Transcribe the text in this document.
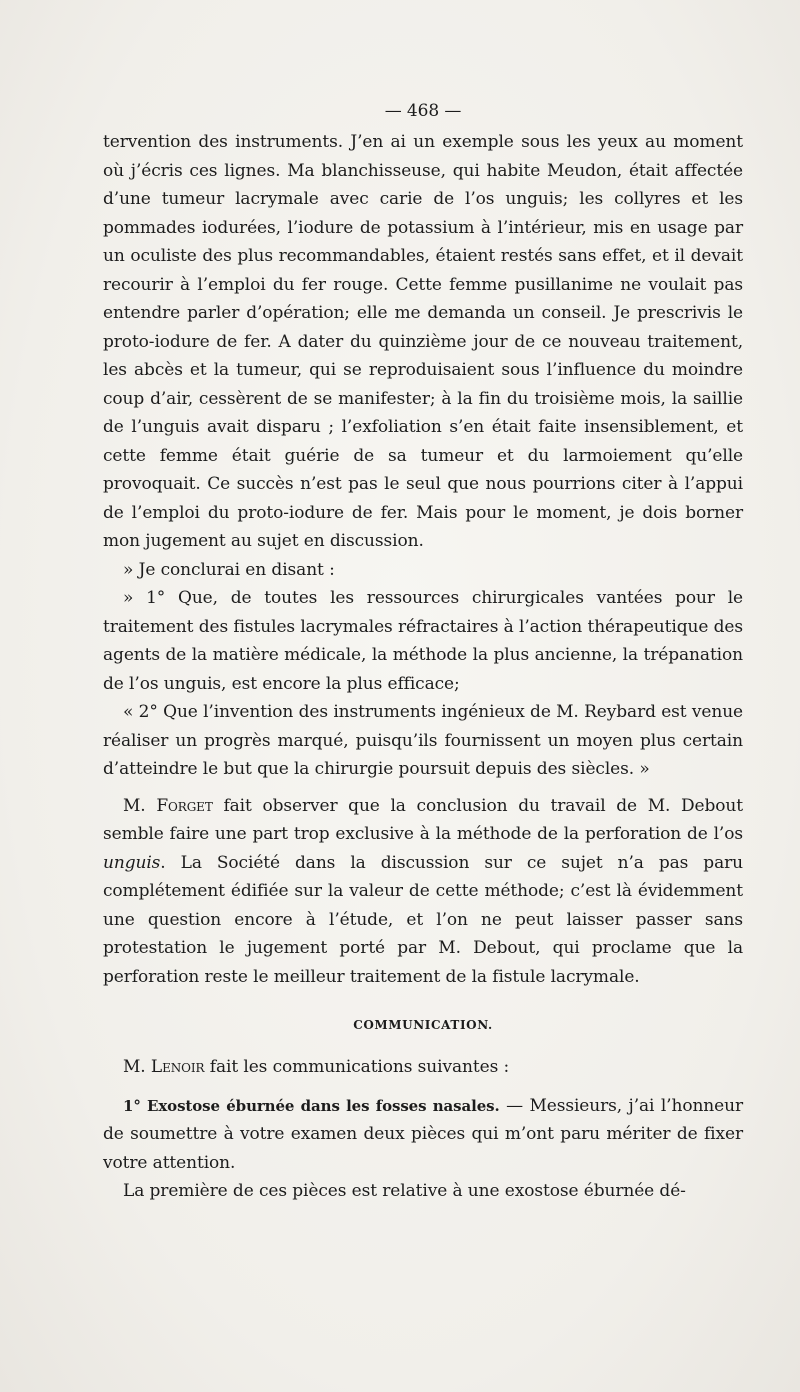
— 468 —

tervention des instruments. J’en ai un exemple sous les yeux au moment où j’écris ces lignes. Ma blanchisseuse, qui habite Meudon, était affectée d’une tumeur lacrymale avec carie de l’os unguis; les collyres et les pommades iodurées, l’iodure de potassium à l’intérieur, mis en usage par un oculiste des plus recommandables, étaient restés sans effet, et il devait recourir à l’emploi du fer rouge. Cette femme pusillanime ne voulait pas entendre parler d’opération; elle me demanda un conseil. Je prescrivis le proto-iodure de fer. A dater du quinzième jour de ce nouveau traitement, les abcès et la tumeur, qui se reproduisaient sous l’influence du moindre coup d’air, cessèrent de se manifester; à la fin du troisième mois, la saillie de l’unguis avait disparu ; l’exfoliation s’en était faite insensiblement, et cette femme était guérie de sa tumeur et du larmoiement qu’elle provoquait. Ce succès n’est pas le seul que nous pourrions citer à l’appui de l’emploi du proto-iodure de fer. Mais pour le moment, je dois borner mon jugement au sujet en discussion.

» Je conclurai en disant :

» 1° Que, de toutes les ressources chirurgicales vantées pour le traitement des fistules lacrymales réfractaires à l’action thérapeutique des agents de la matière médicale, la méthode la plus ancienne, la trépanation de l’os unguis, est encore la plus efficace;

« 2° Que l’invention des instruments ingénieux de M. Reybard est venue réaliser un progrès marqué, puisqu’ils fournissent un moyen plus certain d’atteindre le but que la chirurgie poursuit depuis des siècles. »

M. Forget fait observer que la conclusion du travail de M. Debout semble faire une part trop exclusive à la méthode de la perforation de l’os unguis. La Société dans la discussion sur ce sujet n’a pas paru complétement édifiée sur la valeur de cette méthode; c’est là évidemment une question encore à l’étude, et l’on ne peut laisser passer sans protestation le jugement porté par M. Debout, qui proclame que la perforation reste le meilleur traitement de la fistule lacrymale.

COMMUNICATION.

M. Lenoir fait les communications suivantes :

1° Exostose éburnée dans les fosses nasales. — Messieurs, j’ai l’honneur de soumettre à votre examen deux pièces qui m’ont paru mériter de fixer votre attention.

La première de ces pièces est relative à une exostose éburnée dé-
